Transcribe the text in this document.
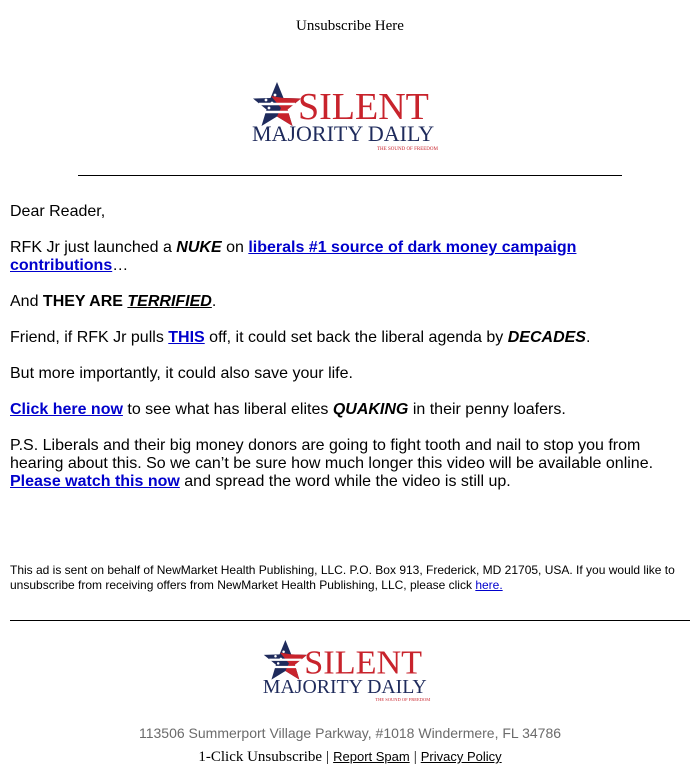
Unsubscribe Here
SILENT
MAJORITY DAILY
THE SOUND OF FREEDOM

Dear Reader,

RFK Jr just launched a NUKE on liberals #1 source of dark money campaign contributions…

And THEY ARE TERRIFIED.

Friend, if RFK Jr pulls THIS off, it could set back the liberal agenda by DECADES.

But more importantly, it could also save your life.

Click here now to see what has liberal elites QUAKING in their penny loafers.

P.S. Liberals and their big money donors are going to fight tooth and nail to stop you from hearing about this. So we can’t be sure how much longer this video will be available online. Please watch this now and spread the word while the video is still up.

This ad is sent on behalf of NewMarket Health Publishing, LLC. P.O. Box 913, Frederick, MD 21705, USA. If you would like to unsubscribe from receiving offers from NewMarket Health Publishing, LLC, please click here.
SILENT
MAJORITY DAILY
THE SOUND OF FREEDOM
113506 Summerport Village Parkway, #1018 Windermere, FL 34786
1-Click Unsubscribe | Report Spam | Privacy Policy
